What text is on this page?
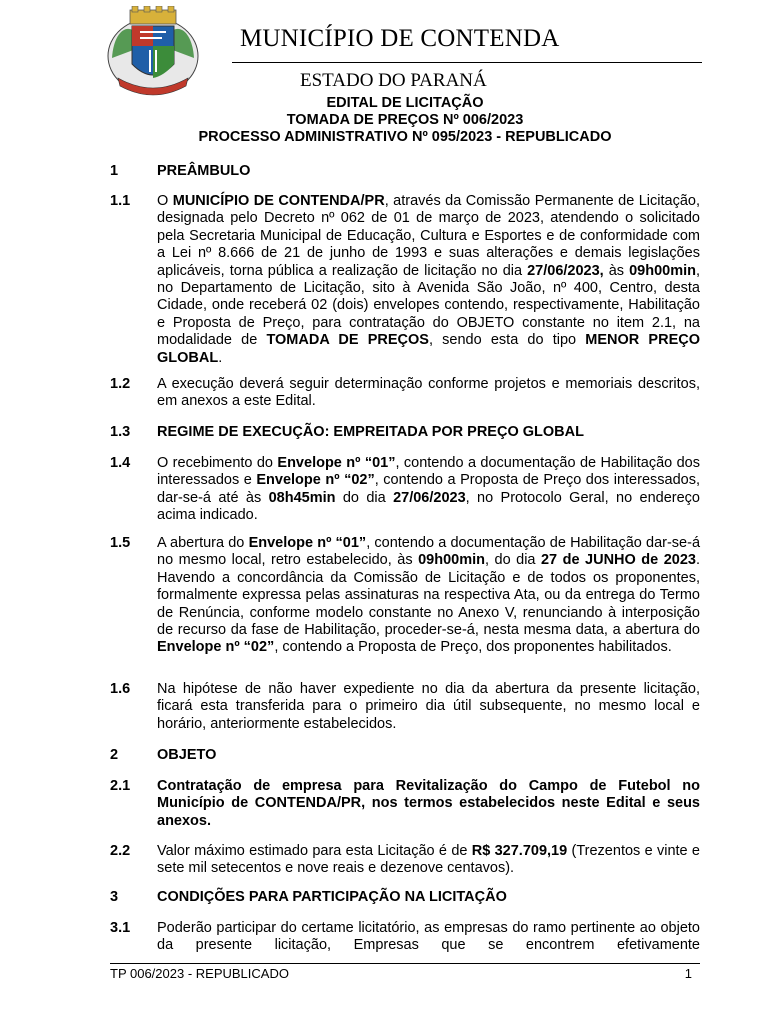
MUNICÍPIO DE CONTENDA
ESTADO DO PARANÁ
EDITAL DE LICITAÇÃO
TOMADA DE PREÇOS Nº 006/2023
PROCESSO ADMINISTRATIVO Nº 095/2023 - REPUBLICADO
1	PREÂMBULO
1.1	O MUNICÍPIO DE CONTENDA/PR, através da Comissão Permanente de Licitação, designada pelo Decreto nº 062 de 01 de março de 2023, atendendo o solicitado pela Secretaria Municipal de Educação, Cultura e Esportes e de conformidade com a Lei nº 8.666 de 21 de junho de 1993 e suas alterações e demais legislações aplicáveis, torna pública a realização de licitação no dia 27/06/2023, às 09h00min, no Departamento de Licitação, sito à Avenida São João, nº 400, Centro, desta Cidade, onde receberá 02 (dois) envelopes contendo, respectivamente, Habilitação e Proposta de Preço, para contratação do OBJETO constante no item 2.1, na modalidade de TOMADA DE PREÇOS, sendo esta do tipo MENOR PREÇO GLOBAL.
1.2	A execução deverá seguir determinação conforme projetos e memoriais descritos, em anexos a este Edital.
1.3	REGIME DE EXECUÇÃO: EMPREITADA POR PREÇO GLOBAL
1.4	O recebimento do Envelope nº “01”, contendo a documentação de Habilitação dos interessados e Envelope nº “02”, contendo a Proposta de Preço dos interessados, dar-se-á até às 08h45min do dia 27/06/2023, no Protocolo Geral, no endereço acima indicado.
1.5	A abertura do Envelope nº “01”, contendo a documentação de Habilitação dar-se-á no mesmo local, retro estabelecido, às 09h00min, do dia 27 de JUNHO de 2023. Havendo a concordância da Comissão de Licitação e de todos os proponentes, formalmente expressa pelas assinaturas na respectiva Ata, ou da entrega do Termo de Renúncia, conforme modelo constante no Anexo V, renunciando à interposição de recurso da fase de Habilitação, proceder-se-á, nesta mesma data, a abertura do Envelope nº “02”, contendo a Proposta de Preço, dos proponentes habilitados.
1.6	Na hipótese de não haver expediente no dia da abertura da presente licitação, ficará esta transferida para o primeiro dia útil subsequente, no mesmo local e horário, anteriormente estabelecidos.
2	OBJETO
2.1	Contratação de empresa para Revitalização do Campo de Futebol no Município de CONTENDA/PR, nos termos estabelecidos neste Edital e seus anexos.
2.2	Valor máximo estimado para esta Licitação é de R$ 327.709,19 (Trezentos e vinte e sete mil setecentos e nove reais e dezenove centavos).
3	CONDIÇÕES PARA PARTICIPAÇÃO NA LICITAÇÃO
3.1	Poderão participar do certame licitatório, as empresas do ramo pertinente ao objeto da presente licitação, Empresas que se encontrem efetivamente
TP 006/2023 - REPUBLICADO	1
